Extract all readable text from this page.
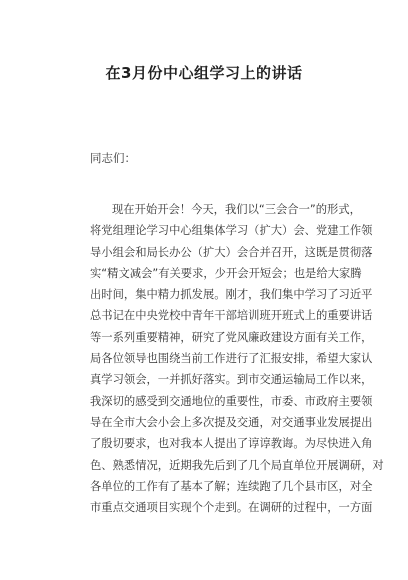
在3月份中心组学习上的讲话
同志们：
现在开始开会！今天，我们以“三会合一”的形式，
将党组理论学习中心组集体学习（扩大）会、党建工作领
导小组会和局长办公（扩大）会合并召开，这既是贯彻落
实“精文减会”有关要求，少开会开短会；也是给大家腾
出时间，集中精力抓发展。刚才，我们集中学习了习近平
总书记在中央党校中青年干部培训班开班式上的重要讲话
等一系列重要精神，研究了党风廉政建设方面有关工作，
局各位领导也围绕当前工作进行了汇报安排，希望大家认
真学习领会，一并抓好落实。到市交通运输局工作以来，
我深切的感受到交通地位的重要性，市委、市政府主要领
导在全市大会小会上多次提及交通，对交通事业发展提出
了殷切要求，也对我本人提出了谆谆教诲。为尽快进入角
色、熟悉情况，近期我先后到了几个局直单位开展调研，对
各单位的工作有了基本了解；连续跑了几个县市区，对全
市重点交通项目实现个个走到。在调研的过程中，一方面
